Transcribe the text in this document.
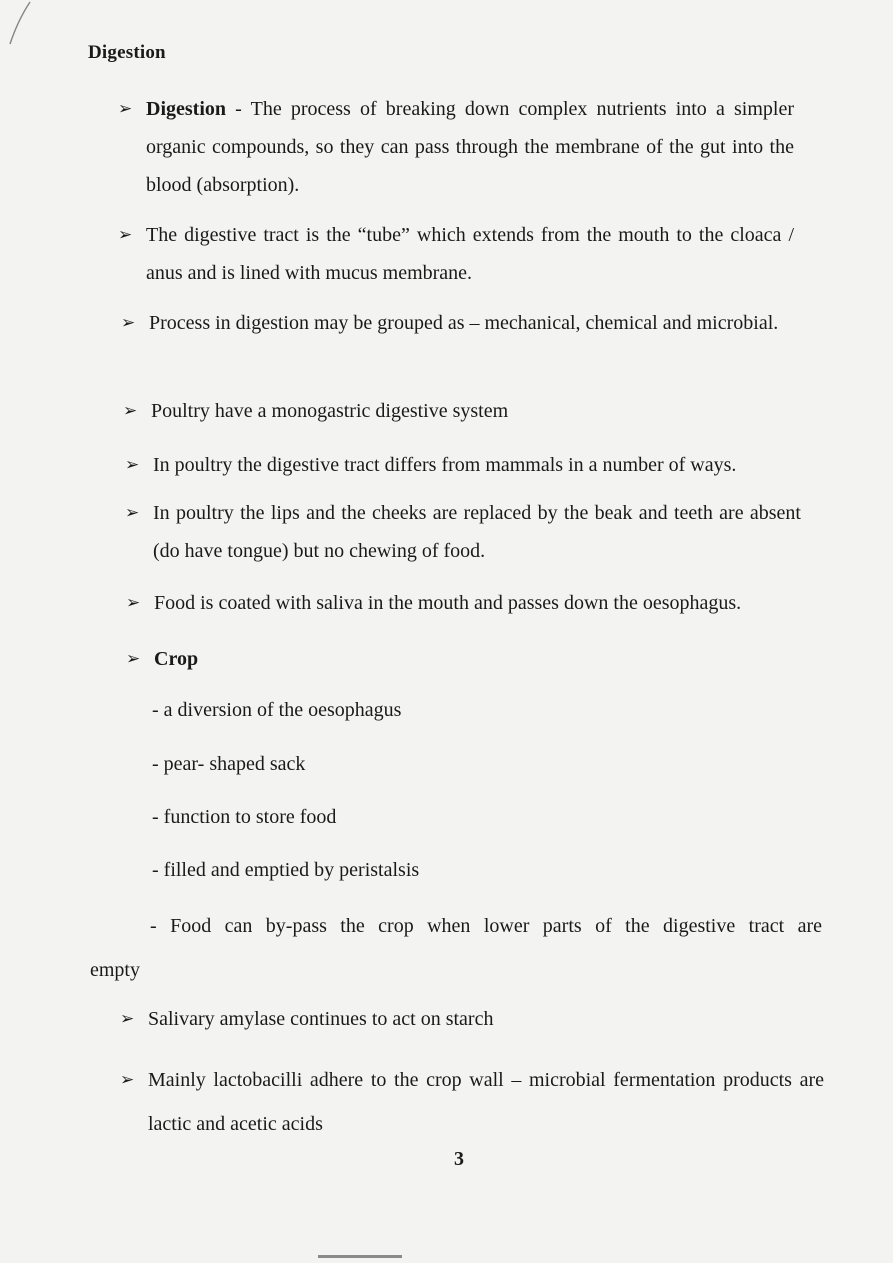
Digestion
➢ Digestion - The process of breaking down complex nutrients into a simpler organic compounds, so they can pass through the membrane of the gut into the blood (absorption).
➢ The digestive tract is the “tube” which extends from the mouth to the cloaca / anus and is lined with mucus membrane.
➢ Process in digestion may be grouped as – mechanical, chemical and microbial.
➢ Poultry have a monogastric digestive system
➢ In poultry the digestive tract differs from mammals in a number of ways.
➢ In poultry the lips and the cheeks are replaced by the beak and teeth are absent (do have tongue) but no chewing of food.
➢ Food is coated with saliva in the mouth and passes down the oesophagus.
➢ Crop
- a diversion of the oesophagus
- pear- shaped sack
- function to store food
- filled and emptied by peristalsis
- Food can by-pass the crop when lower parts of the digestive tract are
empty
➢ Salivary amylase continues to act on starch
➢ Mainly lactobacilli adhere to the crop wall – microbial fermentation products are lactic and acetic acids
3
